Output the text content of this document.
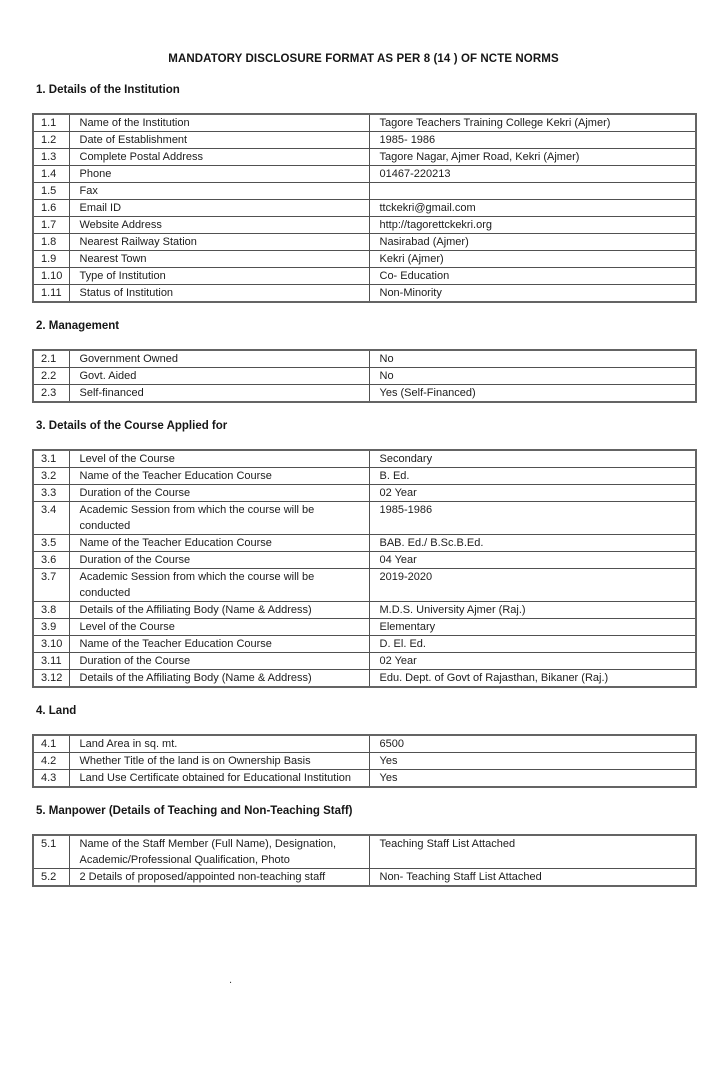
MANDATORY DISCLOSURE FORMAT AS PER 8 (14 ) OF NCTE NORMS
1. Details of the Institution
1.1	Name of the Institution	Tagore Teachers Training College Kekri (Ajmer)
1.2	Date of Establishment	1985- 1986
1.3	Complete Postal Address	Tagore Nagar, Ajmer Road, Kekri (Ajmer)
1.4	Phone	01467-220213
1.5	Fax	
1.6	Email ID	ttckekri@gmail.com
1.7	Website Address	http://tagorettckekri.org
1.8	Nearest Railway Station	Nasirabad (Ajmer)
1.9	Nearest Town	Kekri (Ajmer)
1.10	Type of Institution	Co- Education
1.11	Status of Institution	Non-Minority
2. Management
2.1	Government Owned	No
2.2	Govt. Aided	No
2.3	Self-financed	Yes (Self-Financed)
3. Details of the Course Applied for
3.1	Level of the Course	Secondary
3.2	Name of the Teacher Education Course	B. Ed.
3.3	Duration of the Course	02 Year
3.4	Academic Session from which the course will be conducted	1985-1986
3.5	Name of the Teacher Education Course	BAB. Ed./ B.Sc.B.Ed.
3.6	Duration of the Course	04 Year
3.7	Academic Session from which the course will be conducted	2019-2020
3.8	Details of the Affiliating Body (Name & Address)	M.D.S. University Ajmer (Raj.)
3.9	Level of the Course	Elementary
3.10	Name of the Teacher Education Course	D. El. Ed.
3.11	Duration of the Course	02 Year
3.12	Details of the Affiliating Body (Name & Address)	Edu. Dept. of Govt of Rajasthan, Bikaner (Raj.)
4. Land
4.1	Land Area in sq. mt.	6500
4.2	Whether Title of the land is on Ownership Basis	Yes
4.3	Land Use Certificate obtained for Educational Institution	Yes
5. Manpower (Details of Teaching and Non-Teaching Staff)
5.1	Name of the Staff Member (Full Name), Designation, Academic/Professional Qualification, Photo	Teaching Staff List Attached
5.2	2 Details of proposed/appointed non-teaching staff	Non- Teaching Staff List Attached
.
